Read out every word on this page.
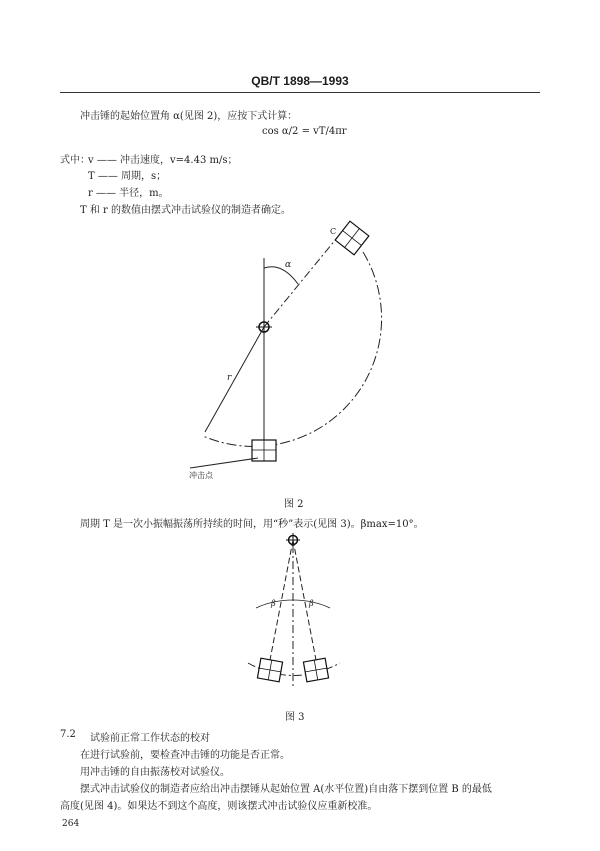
QB/T 1898—1993
冲击锤的起始位置角 α(见图 2)，应按下式计算：
cos α/2 = vT/4πr
式中：
v —— 冲击速度，v=4.43 m/s；
T —— 周期，s；
r —— 半径，m。
T 和 r 的数值由摆式冲击试验仪的制造者确定。
α
r
C
冲击点
图 2
周期 T 是一次小振幅振荡所持续的时间，用“秒”表示(见图 3)。βmax=10°。
β	β
图 3
7.2 试验前正常工作状态的校对
在进行试验前，要检查冲击锤的功能是否正常。
用冲击锤的自由振荡校对试验仪。
摆式冲击试验仪的制造者应给出冲击摆锤从起始位置 A(水平位置)自由落下摆到位置 B 的最低
高度(见图 4)。如果达不到这个高度，则该摆式冲击试验仪应重新校准。
264
